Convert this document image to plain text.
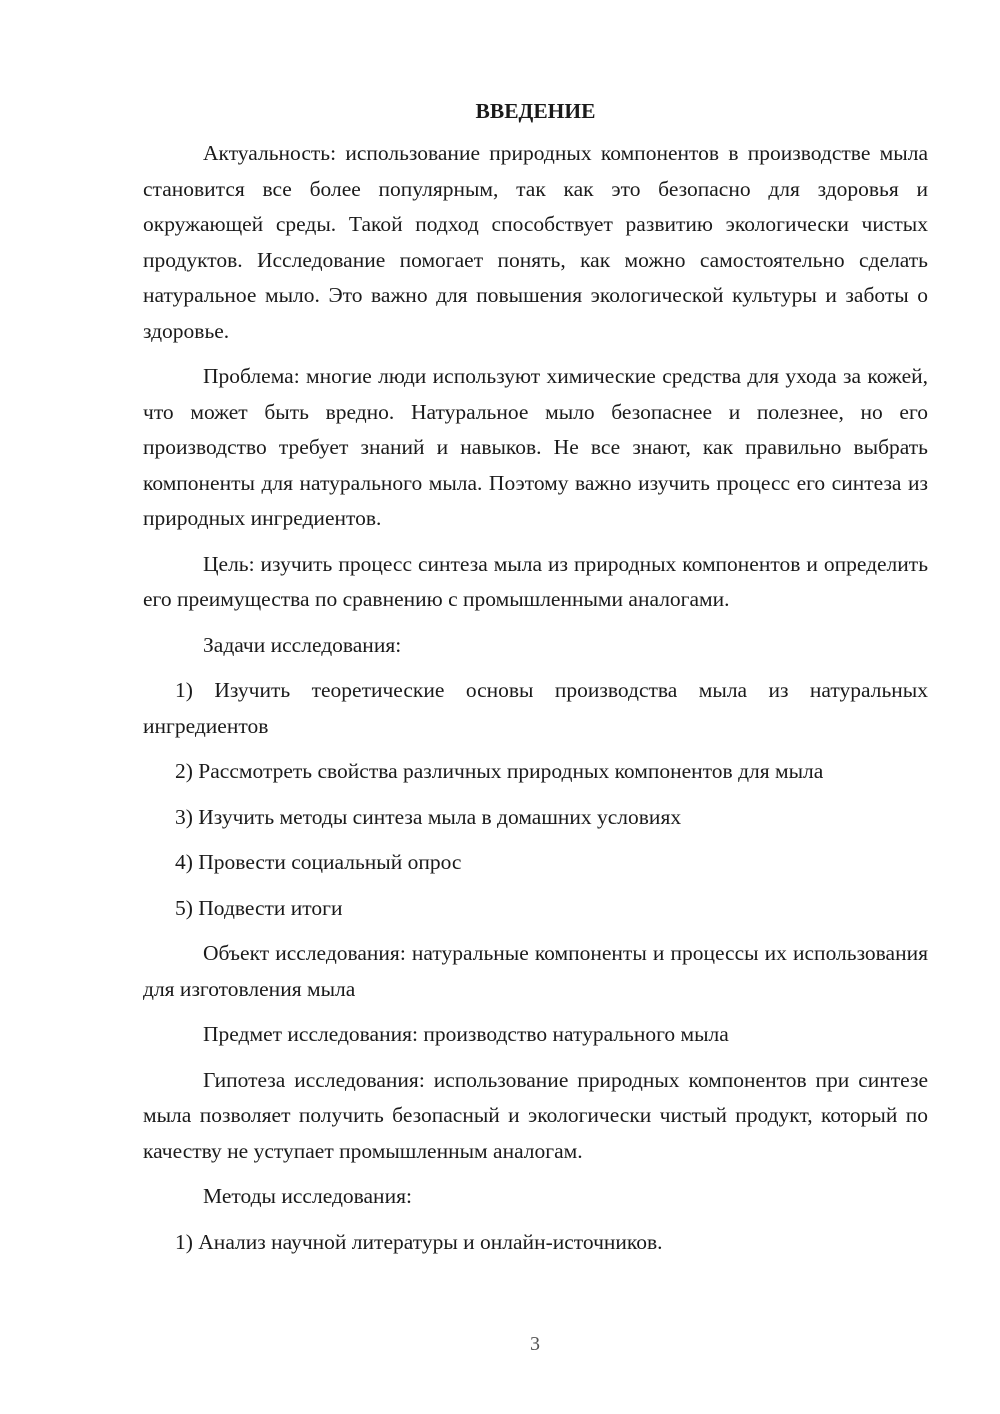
ВВЕДЕНИЕ

Актуальность: использование природных компонентов в производстве мыла становится все более популярным, так как это безопасно для здоровья и окружающей среды. Такой подход способствует развитию экологически чистых продуктов. Исследование помогает понять, как можно самостоятельно сделать натуральное мыло. Это важно для повышения экологической культуры и заботы о здоровье.

Проблема: многие люди используют химические средства для ухода за кожей, что может быть вредно. Натуральное мыло безопаснее и полезнее, но его производство требует знаний и навыков. Не все знают, как правильно выбрать компоненты для натурального мыла. Поэтому важно изучить процесс его синтеза из природных ингредиентов.

Цель: изучить процесс синтеза мыла из природных компонентов и определить его преимущества по сравнению с промышленными аналогами.

Задачи исследования:

1) Изучить теоретические основы производства мыла из натуральных ингредиентов

2) Рассмотреть свойства различных природных компонентов для мыла

3) Изучить методы синтеза мыла в домашних условиях

4) Провести социальный опрос

5) Подвести итоги

Объект исследования: натуральные компоненты и процессы их использования для изготовления мыла

Предмет исследования: производство натурального мыла

Гипотеза исследования: использование природных компонентов при синтезе мыла позволяет получить безопасный и экологически чистый продукт, который по качеству не уступает промышленным аналогам.

Методы исследования:

1) Анализ научной литературы и онлайн-источников.

3
